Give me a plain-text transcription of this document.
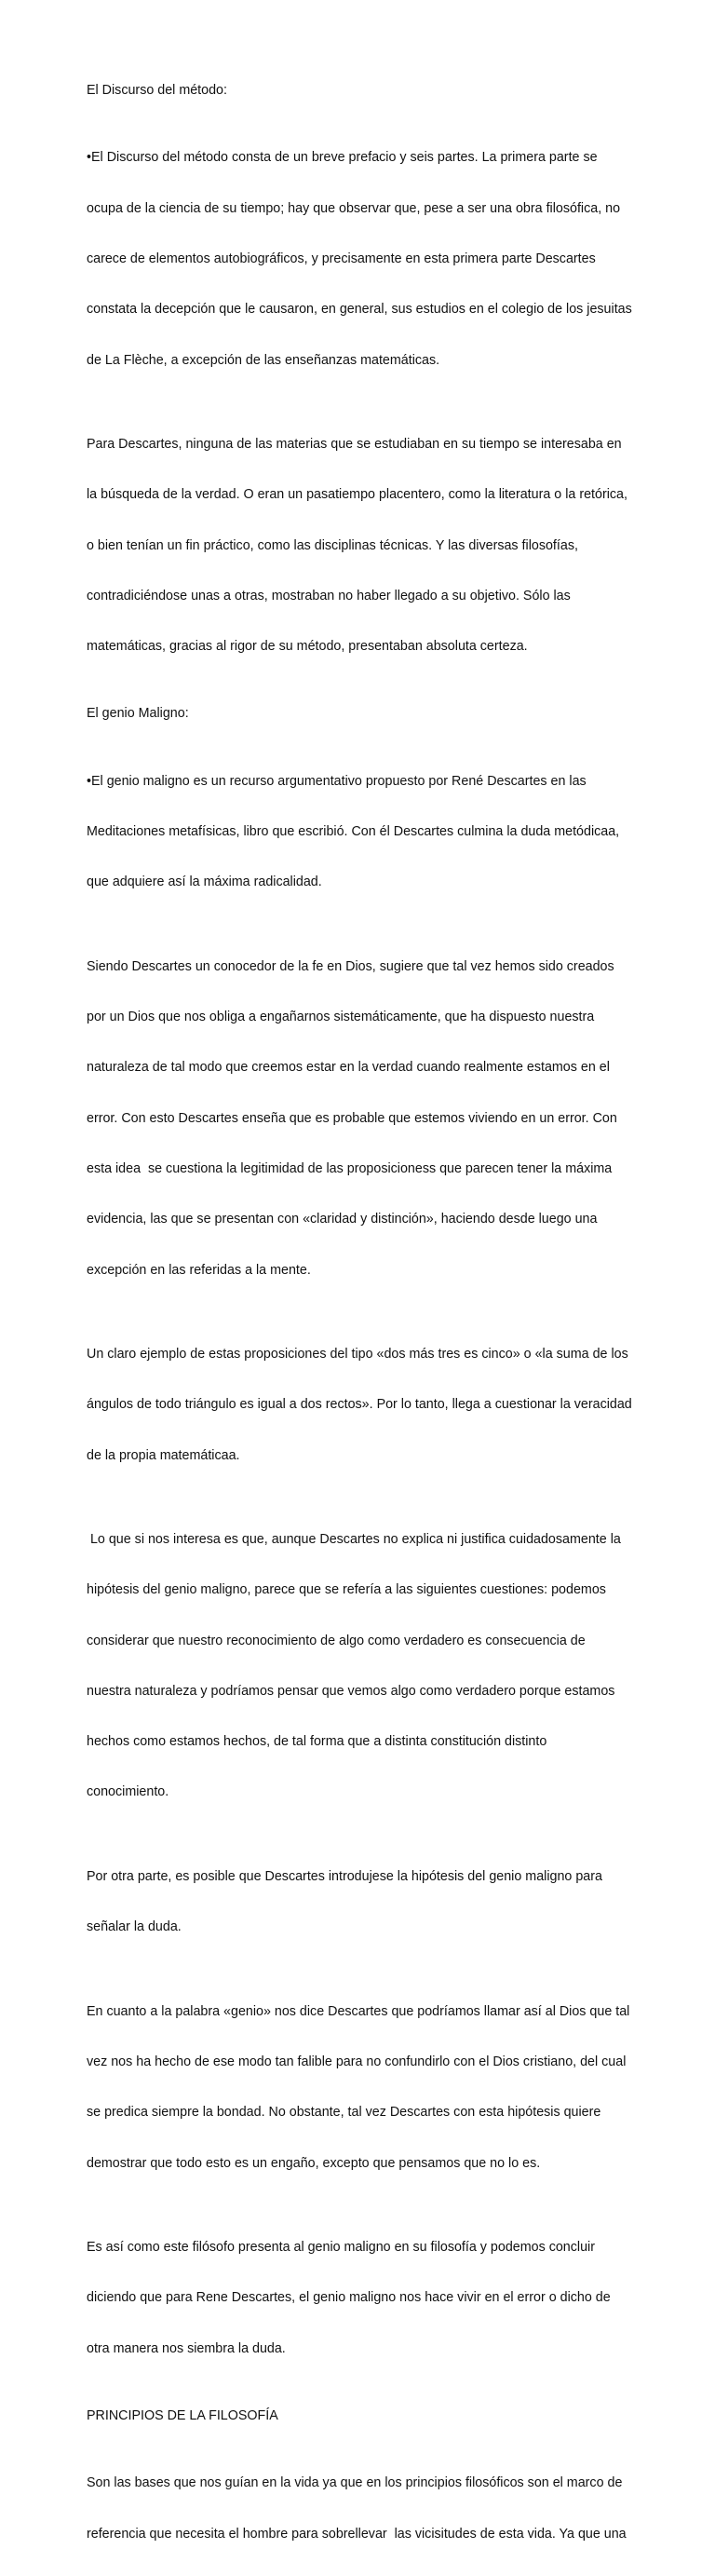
El Discurso del método:

•El Discurso del método consta de un breve prefacio y seis partes. La primera parte se

ocupa de la ciencia de su tiempo; hay que observar que, pese a ser una obra filosófica, no

carece de elementos autobiográficos, y precisamente en esta primera parte Descartes

constata la decepción que le causaron, en general, sus estudios en el colegio de los jesuitas

de La Flèche, a excepción de las enseñanzas matemáticas.

Para Descartes, ninguna de las materias que se estudiaban en su tiempo se interesaba en

la búsqueda de la verdad. O eran un pasatiempo placentero, como la literatura o la retórica,

o bien tenían un fin práctico, como las disciplinas técnicas. Y las diversas filosofías,

contradiciéndose unas a otras, mostraban no haber llegado a su objetivo. Sólo las

matemáticas, gracias al rigor de su método, presentaban absoluta certeza.

El genio Maligno:

•El genio maligno es un recurso argumentativo propuesto por René Descartes en las

Meditaciones metafísicas, libro que escribió. Con él Descartes culmina la duda metódicaa,

que adquiere así la máxima radicalidad.

Siendo Descartes un conocedor de la fe en Dios, sugiere que tal vez hemos sido creados

por un Dios que nos obliga a engañarnos sistemáticamente, que ha dispuesto nuestra

naturaleza de tal modo que creemos estar en la verdad cuando realmente estamos en el

error. Con esto Descartes enseña que es probable que estemos viviendo en un error. Con

esta idea  se cuestiona la legitimidad de las proposicioness que parecen tener la máxima

evidencia, las que se presentan con «claridad y distinción», haciendo desde luego una

excepción en las referidas a la mente.

Un claro ejemplo de estas proposiciones del tipo «dos más tres es cinco» o «la suma de los

ángulos de todo triángulo es igual a dos rectos». Por lo tanto, llega a cuestionar la veracidad

de la propia matemáticaa.

Lo que si nos interesa es que, aunque Descartes no explica ni justifica cuidadosamente la

hipótesis del genio maligno, parece que se refería a las siguientes cuestiones: podemos

considerar que nuestro reconocimiento de algo como verdadero es consecuencia de

nuestra naturaleza y podríamos pensar que vemos algo como verdadero porque estamos

hechos como estamos hechos, de tal forma que a distinta constitución distinto

conocimiento.

Por otra parte, es posible que Descartes introdujese la hipótesis del genio maligno para

señalar la duda.

En cuanto a la palabra «genio» nos dice Descartes que podríamos llamar así al Dios que tal

vez nos ha hecho de ese modo tan falible para no confundirlo con el Dios cristiano, del cual

se predica siempre la bondad. No obstante, tal vez Descartes con esta hipótesis quiere

demostrar que todo esto es un engaño, excepto que pensamos que no lo es.

Es así como este filósofo presenta al genio maligno en su filosofía y podemos concluir

diciendo que para Rene Descartes, el genio maligno nos hace vivir en el error o dicho de

otra manera nos siembra la duda.

PRINCIPIOS DE LA FILOSOFÍA

Son las bases que nos guían en la vida ya que en los principios filosóficos son el marco de

referencia que necesita el hombre para sobrellevar  las vicisitudes de esta vida. Ya que una
